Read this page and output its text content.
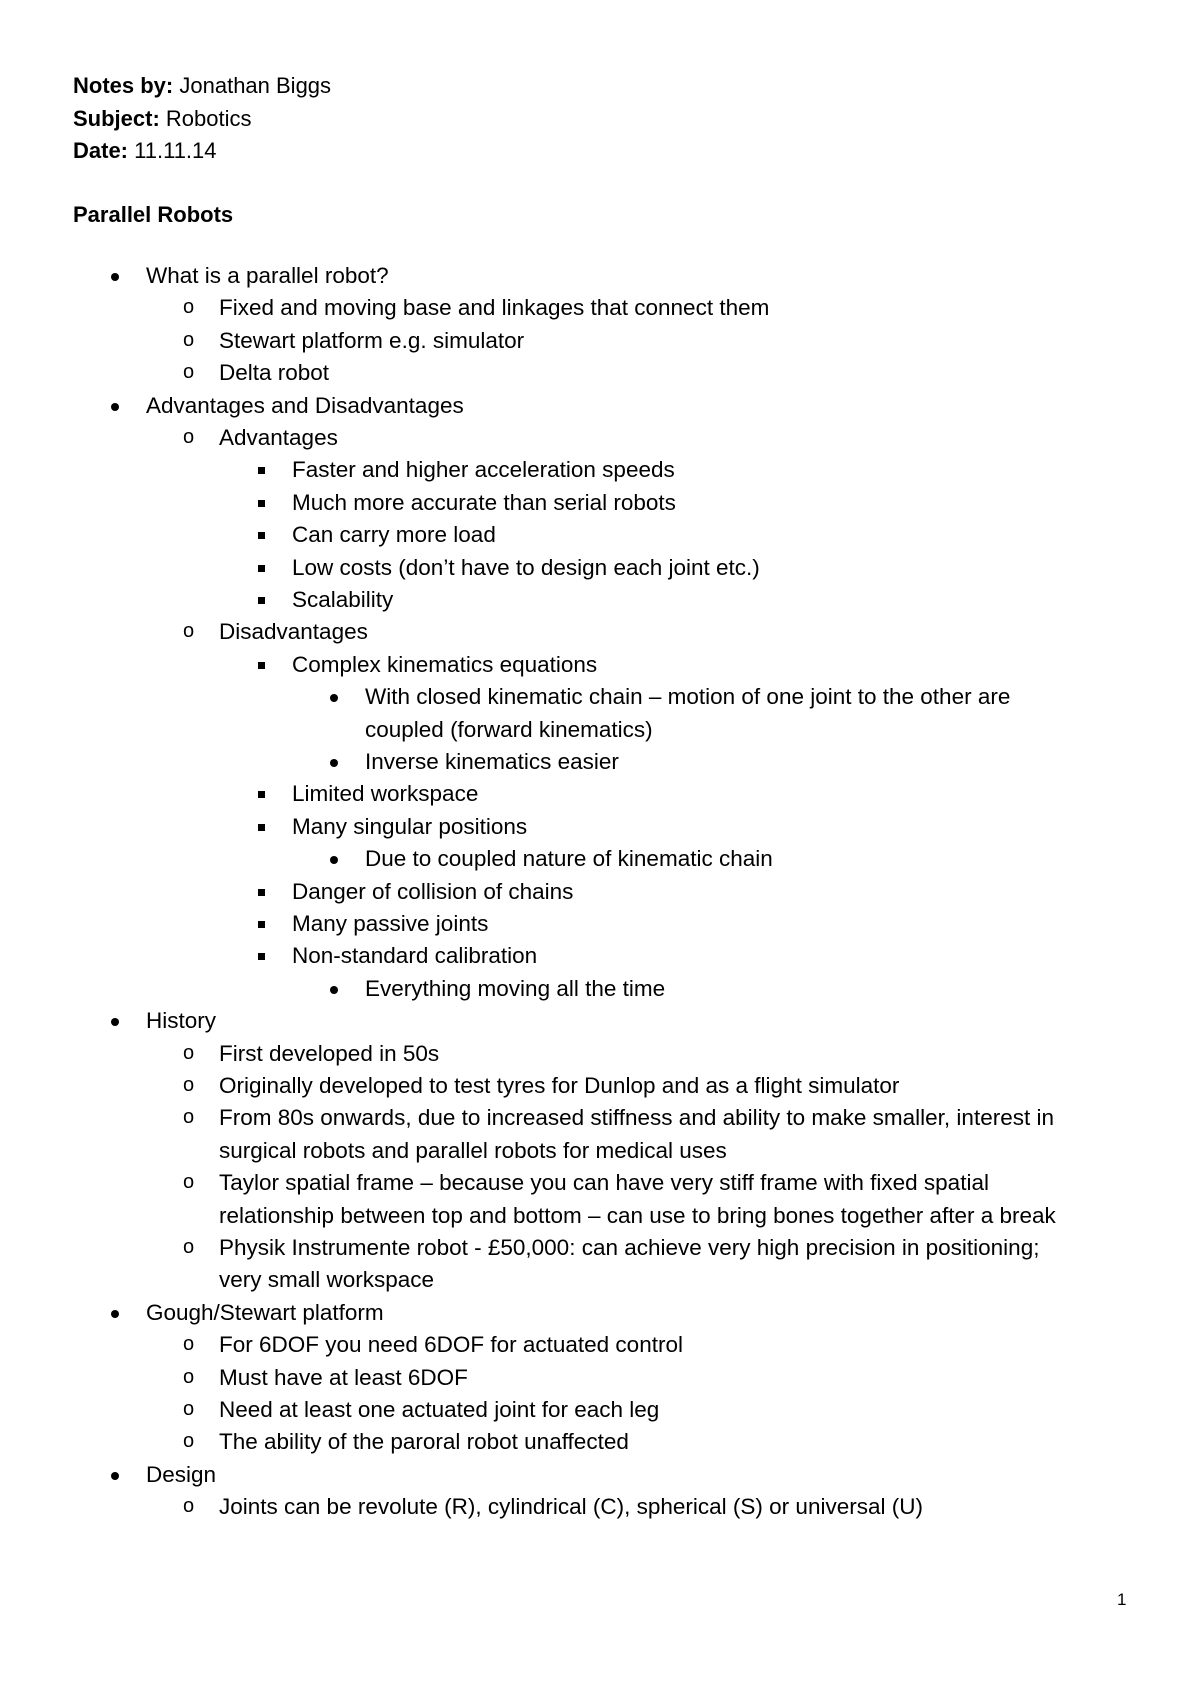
Notes by: Jonathan Biggs
Subject: Robotics
Date: 11.11.14
Parallel Robots
What is a parallel robot?
o Fixed and moving base and linkages that connect them
o Stewart platform e.g. simulator
o Delta robot
Advantages and Disadvantages
o Advantages
Faster and higher acceleration speeds
Much more accurate than serial robots
Can carry more load
Low costs (don’t have to design each joint etc.)
Scalability
o Disadvantages
Complex kinematics equations
With closed kinematic chain – motion of one joint to the other are
coupled (forward kinematics)
Inverse kinematics easier
Limited workspace
Many singular positions
Due to coupled nature of kinematic chain
Danger of collision of chains
Many passive joints
Non-standard calibration
Everything moving all the time
History
o First developed in 50s
o Originally developed to test tyres for Dunlop and as a flight simulator
o From 80s onwards, due to increased stiffness and ability to make smaller, interest in
surgical robots and parallel robots for medical uses
o Taylor spatial frame – because you can have very stiff frame with fixed spatial
relationship between top and bottom – can use to bring bones together after a break
o Physik Instrumente robot - £50,000: can achieve very high precision in positioning;
very small workspace
Gough/Stewart platform
o For 6DOF you need 6DOF for actuated control
o Must have at least 6DOF
o Need at least one actuated joint for each leg
o The ability of the paroral robot unaffected
Design
o Joints can be revolute (R), cylindrical (C), spherical (S) or universal (U)
1
